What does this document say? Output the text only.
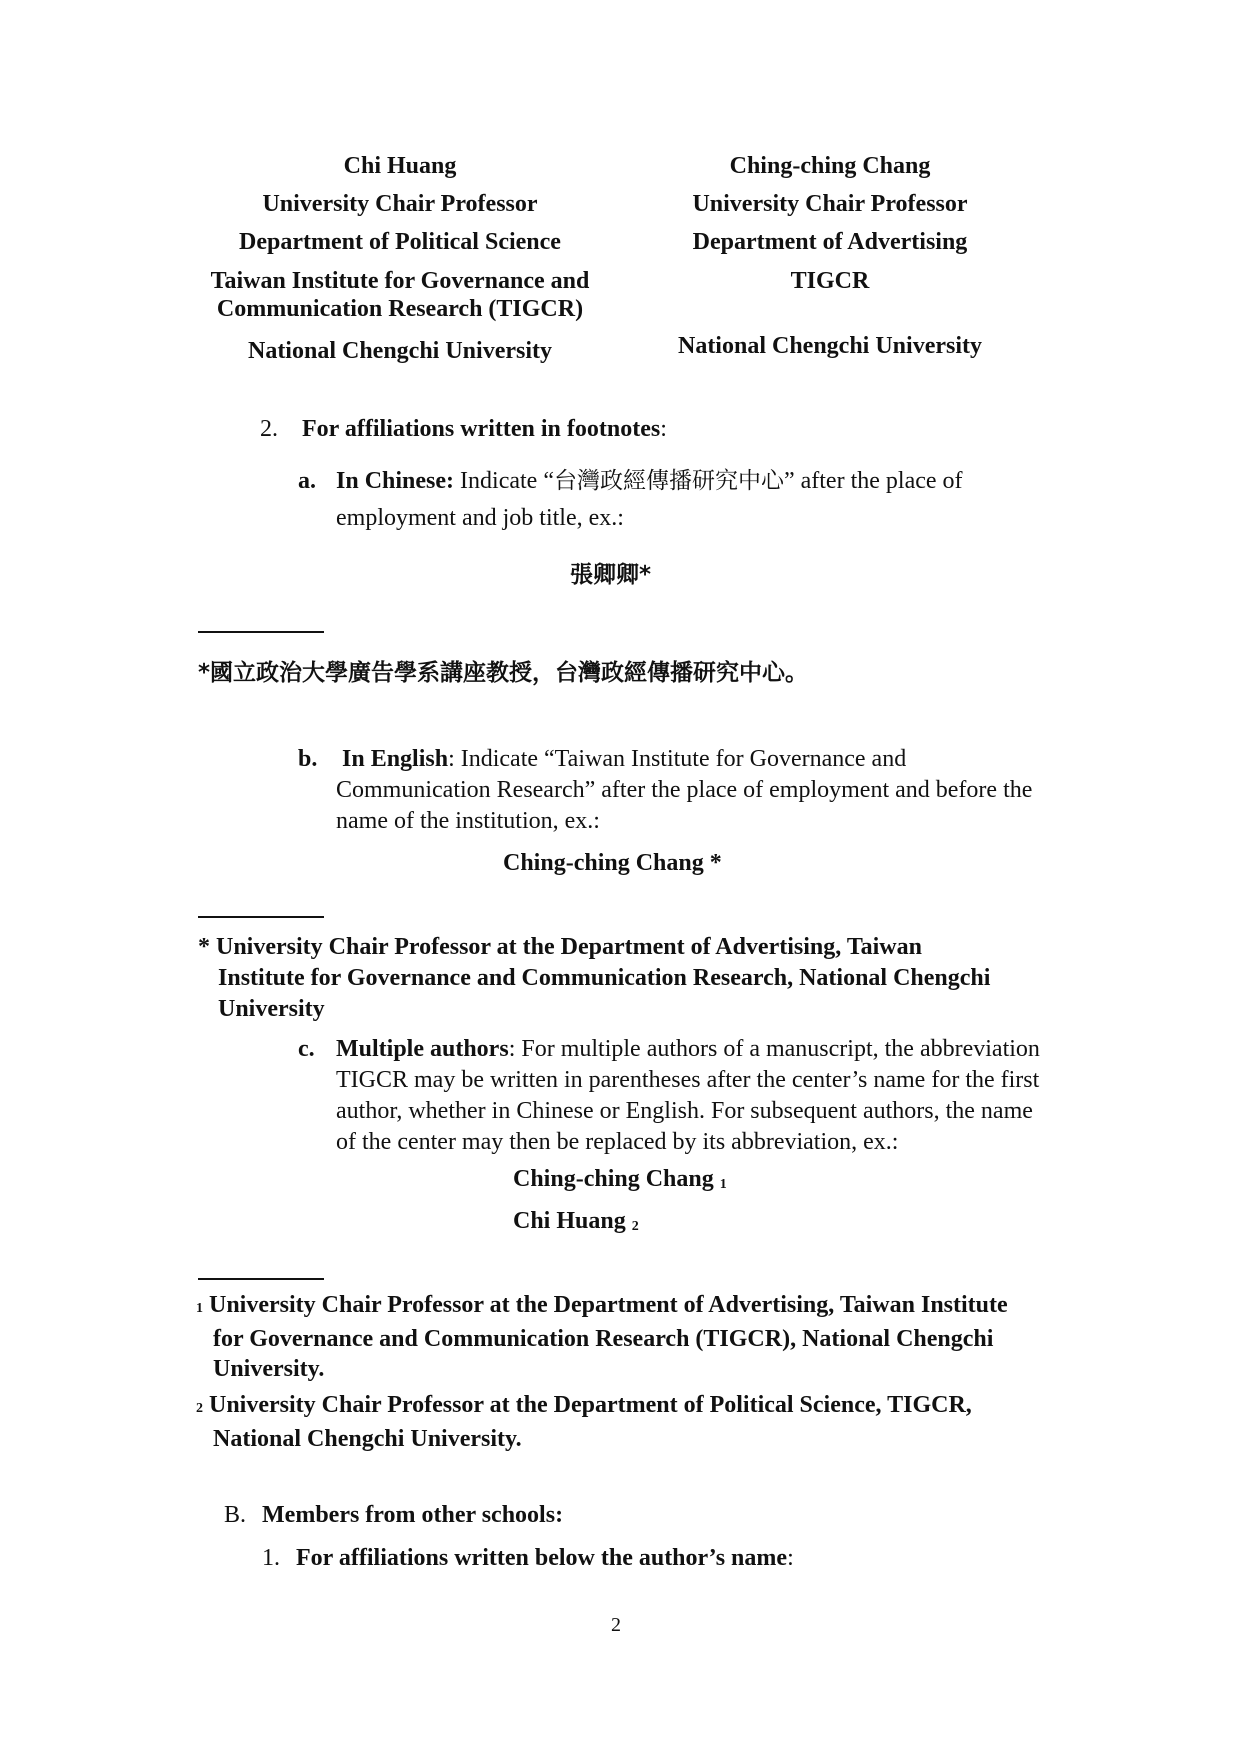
Chi Huang
University Chair Professor
Department of Political Science
Taiwan Institute for Governance and
Communication Research (TIGCR)
National Chengchi University
Ching-ching Chang
University Chair Professor
Department of Advertising
TIGCR
National Chengchi University
2. For affiliations written in footnotes:
a. In Chinese: Indicate “台灣政經傳播研究中心” after the place of
employment and job title, ex.:
張卿卿*
*國立政治大學廣告學系講座教授，台灣政經傳播研究中心。
b. In English: Indicate “Taiwan Institute for Governance and
Communication Research” after the place of employment and before the
name of the institution, ex.:
Ching-ching Chang *
* University Chair Professor at the Department of Advertising, Taiwan
Institute for Governance and Communication Research, National Chengchi
University
c. Multiple authors: For multiple authors of a manuscript, the abbreviation
TIGCR may be written in parentheses after the center’s name for the first
author, whether in Chinese or English. For subsequent authors, the name
of the center may then be replaced by its abbreviation, ex.:
Ching-ching Chang 1
Chi Huang 2
1 University Chair Professor at the Department of Advertising, Taiwan Institute
for Governance and Communication Research (TIGCR), National Chengchi
University.
2 University Chair Professor at the Department of Political Science, TIGCR,
National Chengchi University.
B. Members from other schools:
1. For affiliations written below the author’s name:
2
